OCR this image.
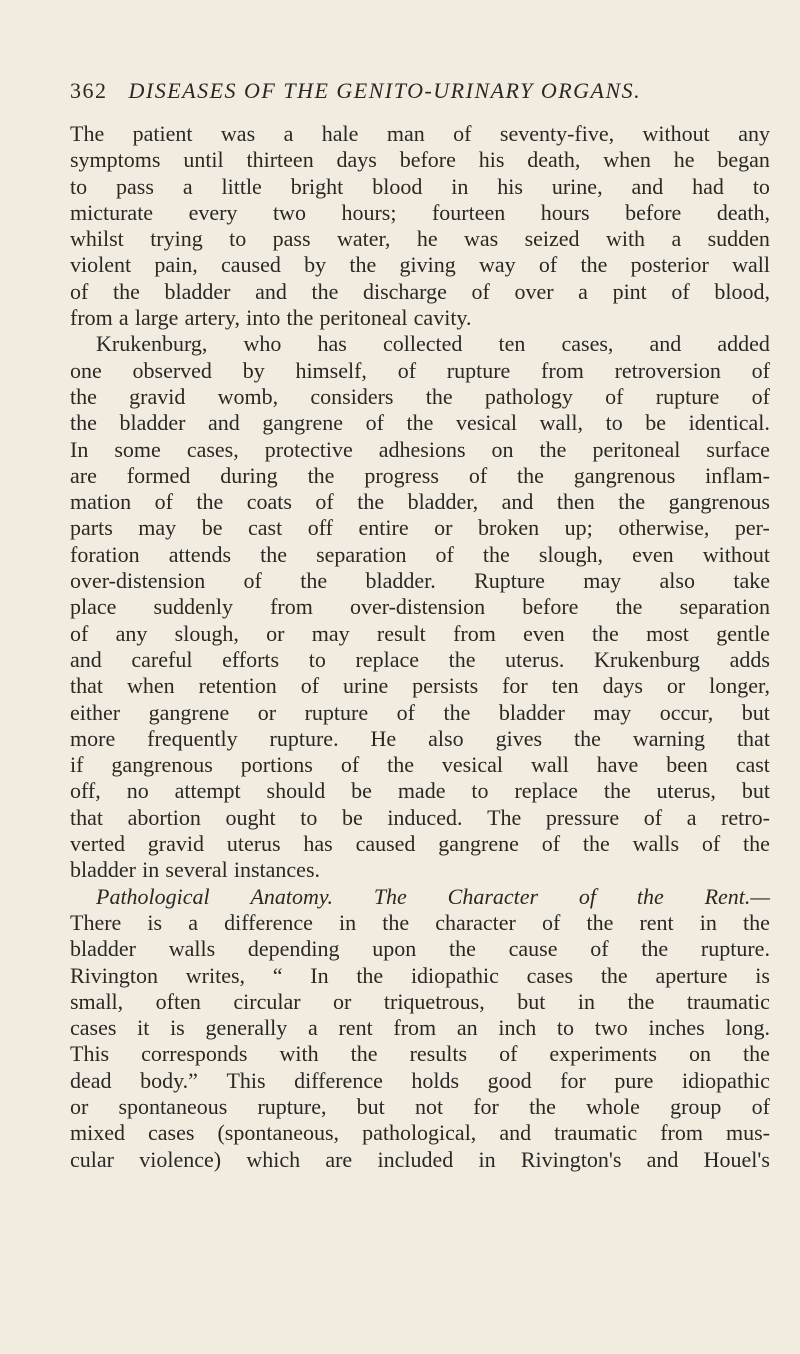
362 DISEASES OF THE GENITO-URINARY ORGANS.
The patient was a hale man of seventy-five, without any
symptoms until thirteen days before his death, when he began
to pass a little bright blood in his urine, and had to
micturate every two hours; fourteen hours before death,
whilst trying to pass water, he was seized with a sudden
violent pain, caused by the giving way of the posterior wall
of the bladder and the discharge of over a pint of blood,
from a large artery, into the peritoneal cavity.
Krukenburg, who has collected ten cases, and added
one observed by himself, of rupture from retroversion of
the gravid womb, considers the pathology of rupture of
the bladder and gangrene of the vesical wall, to be identical.
In some cases, protective adhesions on the peritoneal surface
are formed during the progress of the gangrenous inflam-
mation of the coats of the bladder, and then the gangrenous
parts may be cast off entire or broken up; otherwise, per-
foration attends the separation of the slough, even without
over-distension of the bladder. Rupture may also take
place suddenly from over-distension before the separation
of any slough, or may result from even the most gentle
and careful efforts to replace the uterus. Krukenburg adds
that when retention of urine persists for ten days or longer,
either gangrene or rupture of the bladder may occur, but
more frequently rupture. He also gives the warning that
if gangrenous portions of the vesical wall have been cast
off, no attempt should be made to replace the uterus, but
that abortion ought to be induced. The pressure of a retro-
verted gravid uterus has caused gangrene of the walls of the
bladder in several instances.
Pathological Anatomy. The Character of the Rent.—
There is a difference in the character of the rent in the
bladder walls depending upon the cause of the rupture.
Rivington writes, “ In the idiopathic cases the aperture is
small, often circular or triquetrous, but in the traumatic
cases it is generally a rent from an inch to two inches long.
This corresponds with the results of experiments on the
dead body.” This difference holds good for pure idiopathic
or spontaneous rupture, but not for the whole group of
mixed cases (spontaneous, pathological, and traumatic from mus-
cular violence) which are included in Rivington's and Houel's
